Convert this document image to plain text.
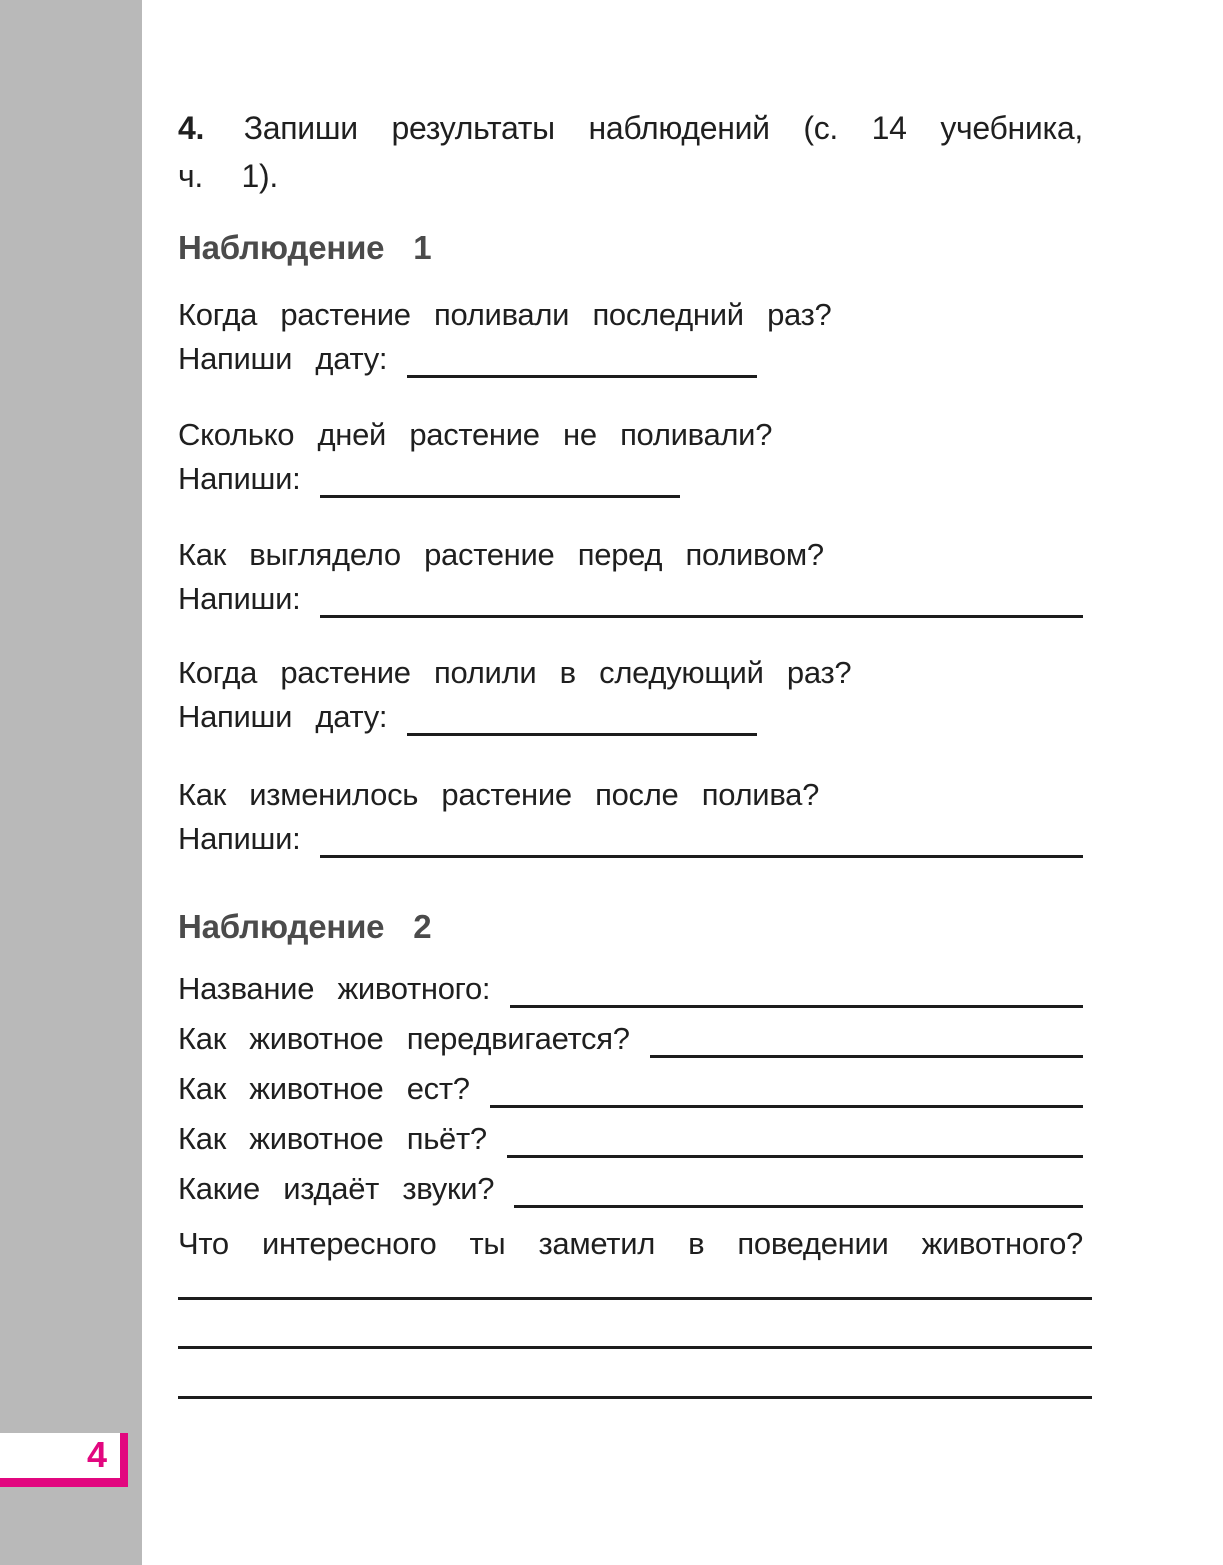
4. Запиши результаты наблюдений (с. 14 учебника,
ч. 1).
Наблюдение 1
Когда растение поливали последний раз?
Напиши дату:
Сколько дней растение не поливали?
Напиши:
Как выглядело растение перед поливом?
Напиши:
Когда растение полили в следующий раз?
Напиши дату:
Как изменилось растение после полива?
Напиши:
Наблюдение 2
Название животного:
Как животное передвигается?
Как животное ест?
Как животное пьёт?
Какие издаёт звуки?
Что интересного ты заметил в поведении животного?
4
